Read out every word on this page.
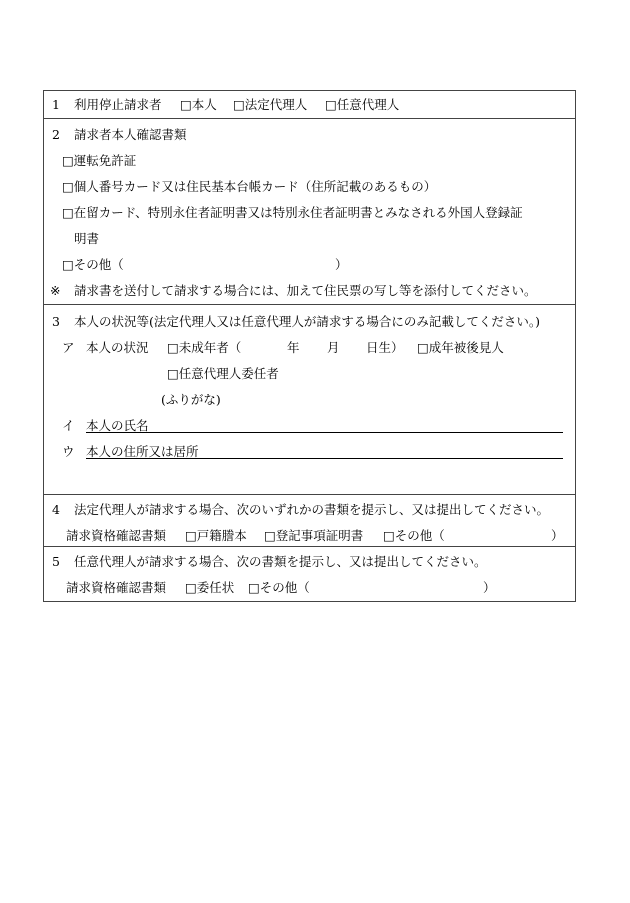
1 利用停止請求者 □本人 □法定代理人 □任意代理人
2 請求者本人確認書類
□運転免許証
□個人番号カード又は住民基本台帳カード（住所記載のあるもの）
□在留カード、特別永住者証明書又は特別永住者証明書とみなされる外国人登録証
明書
□その他（	）
※ 請求書を送付して請求する場合には、加えて住民票の写し等を添付してください。
3 本人の状況等(法定代理人又は任意代理人が請求する場合にのみ記載してください。)
ア 本人の状況 □未成年者（	年 月 日生） □成年被後見人
□任意代理人委任者
(ふりがな)
イ 本人の氏名
ウ 本人の住所又は居所
4 法定代理人が請求する場合、次のいずれかの書類を提示し、又は提出してください。
請求資格確認書類 □戸籍謄本 □登記事項証明書 □その他（	）
5 任意代理人が請求する場合、次の書類を提示し、又は提出してください。
請求資格確認書類 □委任状 □その他（	）
